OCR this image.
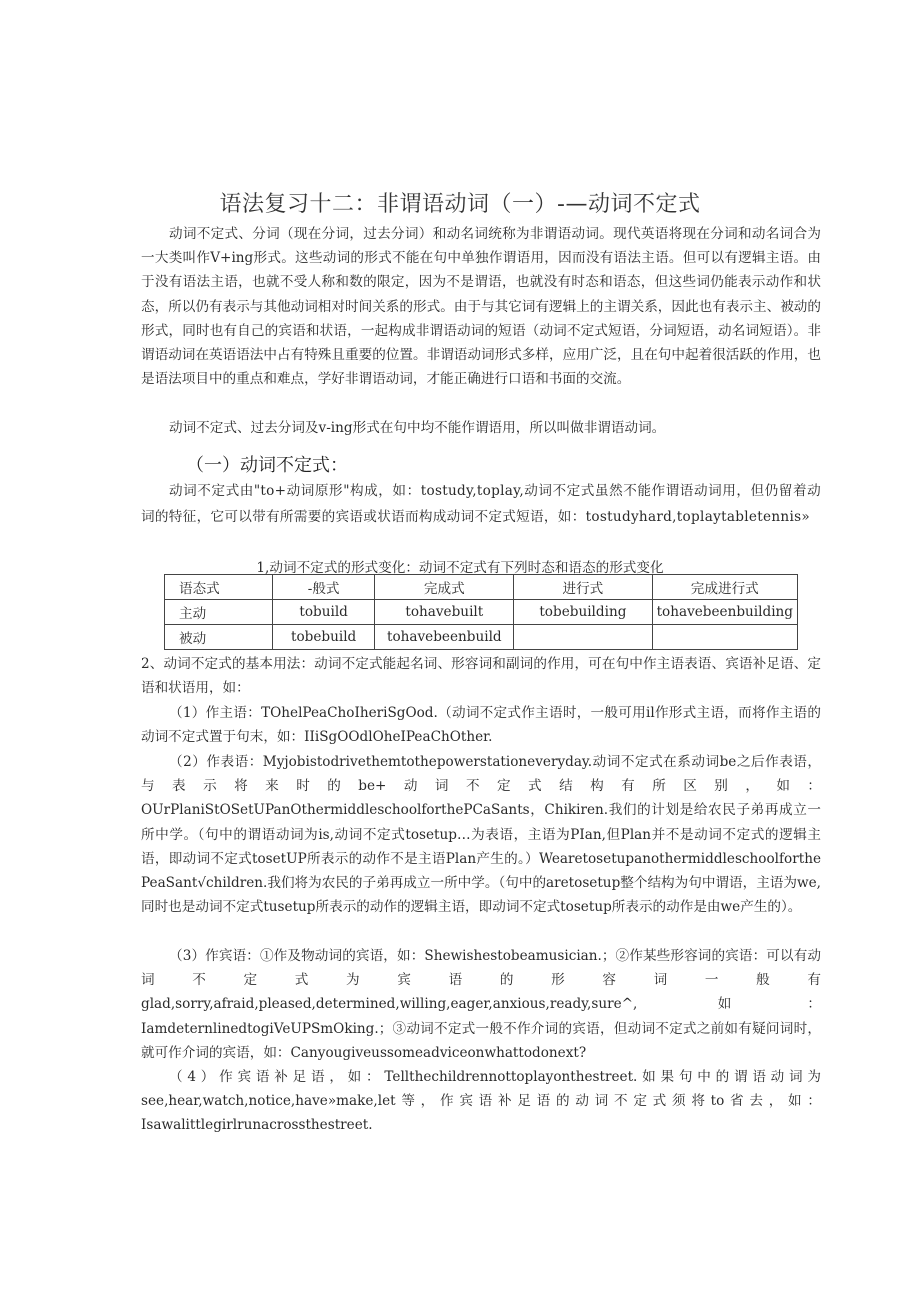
语法复习十二：非谓语动词（一）-—动词不定式

动词不定式、分词（现在分词，过去分词）和动名词统称为非谓语动词。现代英语将现在分词和动名词合为一大类叫作V+ing形式。这些动词的形式不能在句中单独作谓语用，因而没有语法主语。但可以有逻辑主语。由于没有语法主语，也就不受人称和数的限定，因为不是谓语，也就没有时态和语态，但这些词仍能表示动作和状态，所以仍有表示与其他动词相对时间关系的形式。由于与其它词有逻辑上的主谓关系，因此也有表示主、被动的形式，同时也有自己的宾语和状语，一起构成非谓语动词的短语（动词不定式短语，分词短语，动名词短语）。非谓语动词在英语语法中占有特殊且重要的位置。非谓语动词形式多样，应用广泛，且在句中起着很活跃的作用，也是语法项目中的重点和难点，学好非谓语动词，才能正确进行口语和书面的交流。

动词不定式、过去分词及v-ing形式在句中均不能作谓语用，所以叫做非谓语动词。

（一）动词不定式：

动词不定式由"to+动词原形"构成，如：tostudy,toplay,动词不定式虽然不能作谓语动词用，但仍留着动词的特征，它可以带有所需要的宾语或状语而构成动词不定式短语，如：tostudyhard,toplaytabletennis»

1,动词不定式的形式变化：动词不定式有下列时态和语态的形式变化
语态式	-般式	完成式	进行式	完成进行式
主动	tobuild	tohavebuilt	tobebuilding	tohavebeenbuilding
被动	tobebuild	tohavebeenbuild		

2、动词不定式的基本用法：动词不定式能起名词、形容词和副词的作用，可在句中作主语表语、宾语补足语、定语和状语用，如：

（1）作主语：TOhelPeaChoIheriSgOod.（动词不定式作主语时，一般可用il作形式主语，而将作主语的动词不定式置于句末，如：IIiSgOOdlOheIPeaChOther.

（2）作表语：Myjobistodrivethemtothepowerstationeveryday.动词不定式在系动词be之后作表语，与表示将来时的be+动词不定式结构有所区别，如：OUrPlaniStOSetUPanOthermiddleschoolforthePCaSants，Chikiren.我们的计划是给农民子弟再成立一所中学。（句中的谓语动词为is,动词不定式tosetup…为表语，主语为PIan,但Plan并不是动词不定式的逻辑主语，即动词不定式tosetUP所表示的动作不是主语Plan产生的。）Wearetosetupanothermiddleschoolforthe PeaSant√children.我们将为农民的子弟再成立一所中学。（句中的aretosetup整个结构为句中谓语，主语为we,同时也是动词不定式tusetup所表示的动作的逻辑主语，即动词不定式tosetup所表示的动作是由we产生的）。

（3）作宾语：①作及物动词的宾语，如：Shewishestobeamusician.；②作某些形容词的宾语：可以有动词不定式为宾语的形容词一般有glad,sorry,afraid,pleased,determined,willing,eager,anxious,ready,sure^, 如：IamdeternlinedtogiVeUPSmOking.；③动词不定式一般不作介词的宾语，但动词不定式之前如有疑问词时，就可作介词的宾语，如：Canyougiveussomeadviceonwhattodonext?

（4）作宾语补足语，如：Tellthechildrennottoplayonthestreet.如果句中的谓语动词为see,hear,watch,notice,have»make,let等，作宾语补足语的动词不定式须将to省去，如：Isawalittlegirlrunacrossthestreet.
